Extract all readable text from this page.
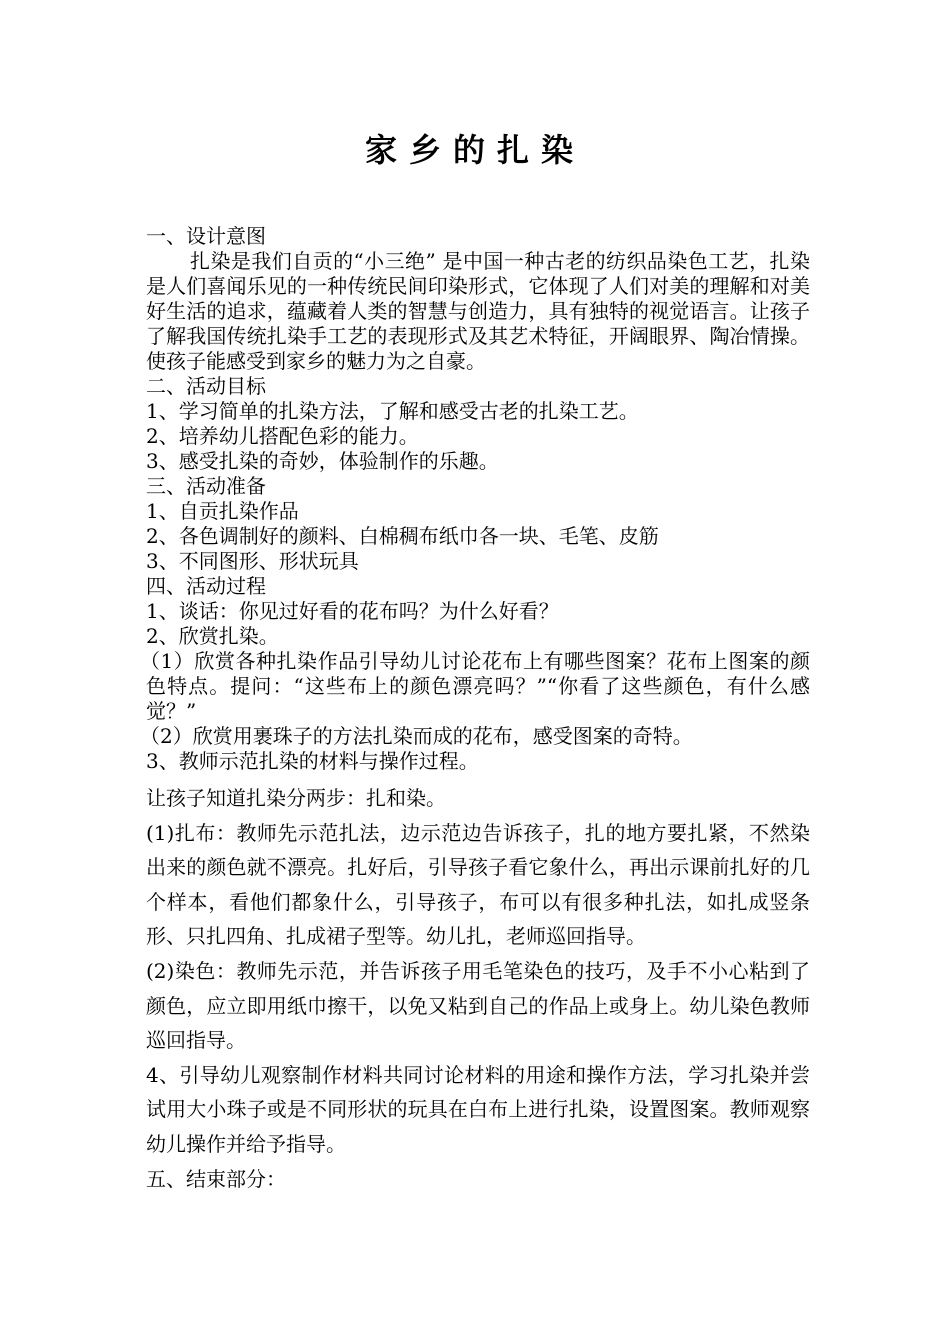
家乡的扎染

一、设计意图

扎染是我们自贡的“小三绝” 是中国一种古老的纺织品染色工艺，扎染是人们喜闻乐见的一种传统民间印染形式，它体现了人们对美的理解和对美好生活的追求，蕴藏着人类的智慧与创造力，具有独特的视觉语言。让孩子了解我国传统扎染手工艺的表现形式及其艺术特征，开阔眼界、陶冶情操。使孩子能感受到家乡的魅力为之自豪。

二、活动目标

1、学习简单的扎染方法，了解和感受古老的扎染工艺。

2、培养幼儿搭配色彩的能力。

3、感受扎染的奇妙，体验制作的乐趣。

三、活动准备

1、自贡扎染作品

2、各色调制好的颜料、白棉稠布纸巾各一块、毛笔、皮筋

3、不同图形、形状玩具

四、活动过程

1、谈话：你见过好看的花布吗？为什么好看？

2、欣赏扎染。

（1）欣赏各种扎染作品引导幼儿讨论花布上有哪些图案？花布上图案的颜色特点。提问：“这些布上的颜色漂亮吗？”“你看了这些颜色，有什么感觉？”

（2）欣赏用裹珠子的方法扎染而成的花布，感受图案的奇特。

3、教师示范扎染的材料与操作过程。

让孩子知道扎染分两步：扎和染。

(1)扎布：教师先示范扎法，边示范边告诉孩子，扎的地方要扎紧，不然染出来的颜色就不漂亮。扎好后，引导孩子看它象什么，再出示课前扎好的几个样本，看他们都象什么，引导孩子，布可以有很多种扎法，如扎成竖条形、只扎四角、扎成裙子型等。幼儿扎，老师巡回指导。

(2)染色：教师先示范，并告诉孩子用毛笔染色的技巧，及手不小心粘到了颜色，应立即用纸巾擦干，以免又粘到自己的作品上或身上。幼儿染色教师巡回指导。

4、引导幼儿观察制作材料共同讨论材料的用途和操作方法，学习扎染并尝试用大小珠子或是不同形状的玩具在白布上进行扎染，设置图案。教师观察幼儿操作并给予指导。

五、结束部分：
